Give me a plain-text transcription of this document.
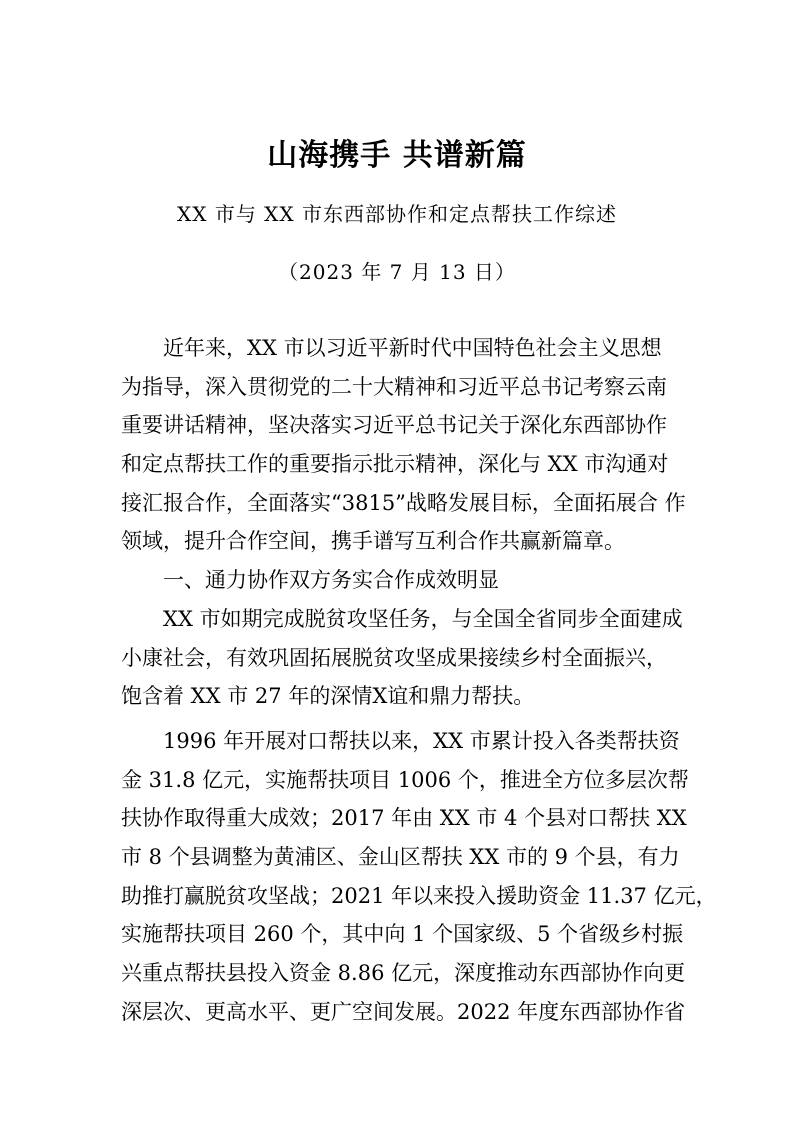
山海携手 共谱新篇
XX 市与 XX 市东西部协作和定点帮扶工作综述
（2023 年 7 月 13 日）
近年来，XX 市以习近平新时代中国特色社会主义思想
为指导，深入贯彻党的二十大精神和习近平总书记考察云南
重要讲话精神，坚决落实习近平总书记关于深化东西部协作
和定点帮扶工作的重要指示批示精神，深化与 XX 市沟通对
接汇报合作，全面落实“3815”战略发展目标，全面拓展合 作
领域，提升合作空间，携手谱写互利合作共赢新篇章。
一、通力协作双方务实合作成效明显
XX 市如期完成脱贫攻坚任务，与全国全省同步全面建成
小康社会，有效巩固拓展脱贫攻坚成果接续乡村全面振兴，
饱含着 XX 市 27 年的深情X谊和鼎力帮扶。
1996 年开展对口帮扶以来，XX 市累计投入各类帮扶资
金 31.8 亿元，实施帮扶项目 1006 个，推进全方位多层次帮
扶协作取得重大成效；2017 年由 XX 市 4 个县对口帮扶 XX
市 8 个县调整为黄浦区、金山区帮扶 XX 市的 9 个县，有力
助推打赢脱贫攻坚战；2021 年以来投入援助资金 11.37 亿元，
实施帮扶项目 260 个，其中向 1 个国家级、5 个省级乡村振
兴重点帮扶县投入资金 8.86 亿元，深度推动东西部协作向更
深层次、更高水平、更广空间发展。2022 年度东西部协作省
